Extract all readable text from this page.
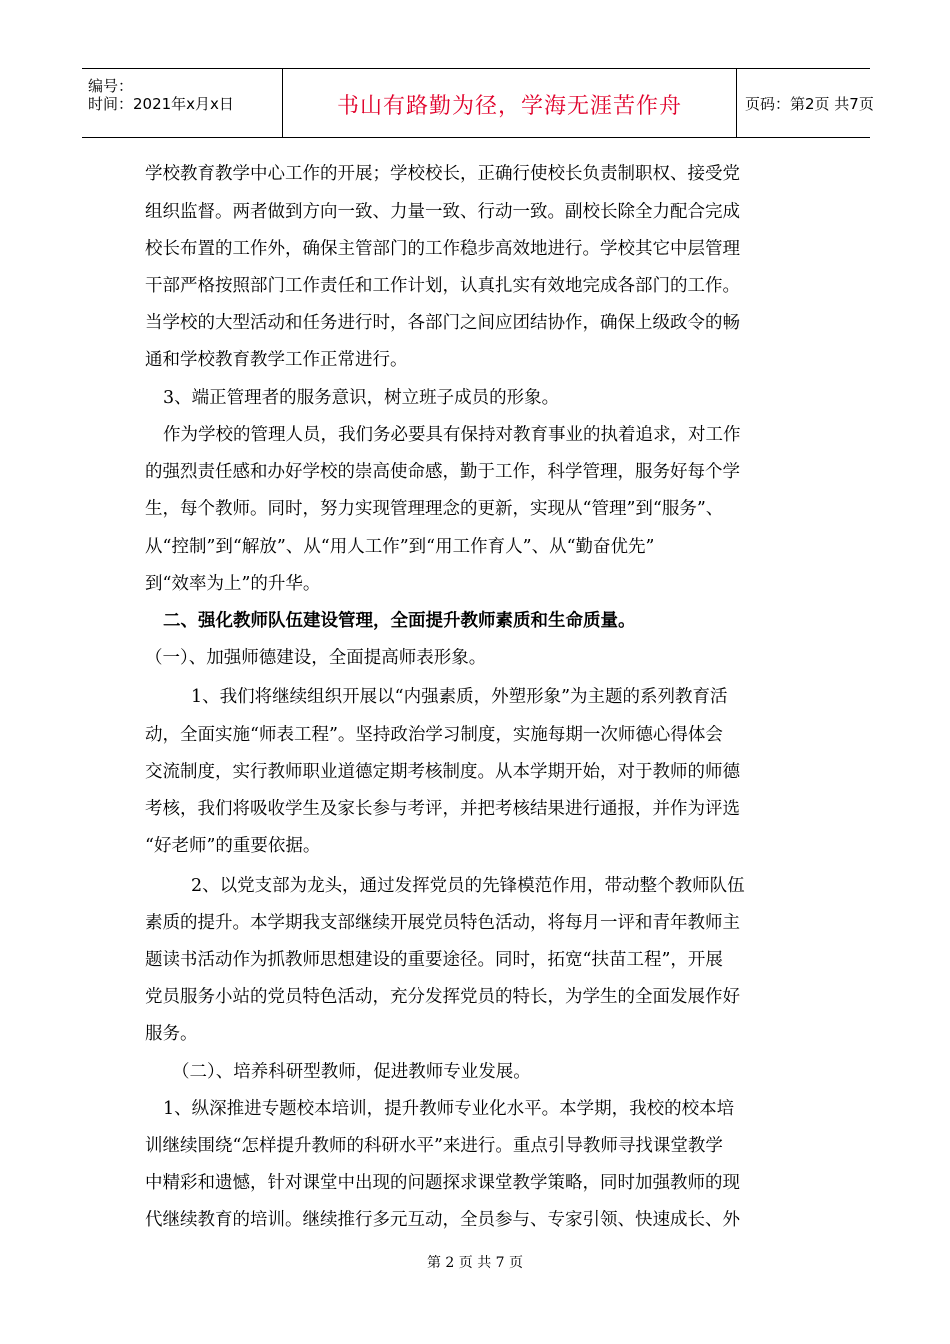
编号：
时间：2021年x月x日	书山有路勤为径，学海无涯苦作舟	页码：第2页 共7页
学校教育教学中心工作的开展；学校校长，正确行使校长负责制职权、接受党
组织监督。两者做到方向一致、力量一致、行动一致。副校长除全力配合完成
校长布置的工作外，确保主管部门的工作稳步高效地进行。学校其它中层管理
干部严格按照部门工作责任和工作计划，认真扎实有效地完成各部门的工作。
当学校的大型活动和任务进行时，各部门之间应团结协作，确保上级政令的畅
通和学校教育教学工作正常进行。
3、端正管理者的服务意识，树立班子成员的形象。
作为学校的管理人员，我们务必要具有保持对教育事业的执着追求，对工作
的强烈责任感和办好学校的崇高使命感，勤于工作，科学管理，服务好每个学
生，每个教师。同时，努力实现管理理念的更新，实现从“管理”到“服务”、
从“控制”到“解放”、从“用人工作”到“用工作育人”、从“勤奋优先”
到“效率为上”的升华。
二、强化教师队伍建设管理，全面提升教师素质和生命质量。
（一）、加强师德建设，全面提高师表形象。
1、我们将继续组织开展以“内强素质，外塑形象”为主题的系列教育活
动，全面实施“师表工程”。坚持政治学习制度，实施每期一次师德心得体会
交流制度，实行教师职业道德定期考核制度。从本学期开始，对于教师的师德
考核，我们将吸收学生及家长参与考评，并把考核结果进行通报，并作为评选
“好老师”的重要依据。
2、以党支部为龙头，通过发挥党员的先锋模范作用，带动整个教师队伍
素质的提升。本学期我支部继续开展党员特色活动，将每月一评和青年教师主
题读书活动作为抓教师思想建设的重要途径。同时，拓宽“扶苗工程”，开展
党员服务小站的党员特色活动，充分发挥党员的特长，为学生的全面发展作好
服务。
（二）、培养科研型教师，促进教师专业发展。
1、纵深推进专题校本培训，提升教师专业化水平。本学期，我校的校本培
训继续围绕“怎样提升教师的科研水平”来进行。重点引导教师寻找课堂教学
中精彩和遗憾，针对课堂中出现的问题探求课堂教学策略，同时加强教师的现
代继续教育的培训。继续推行多元互动，全员参与、专家引领、快速成长、外
第 2 页 共 7 页
